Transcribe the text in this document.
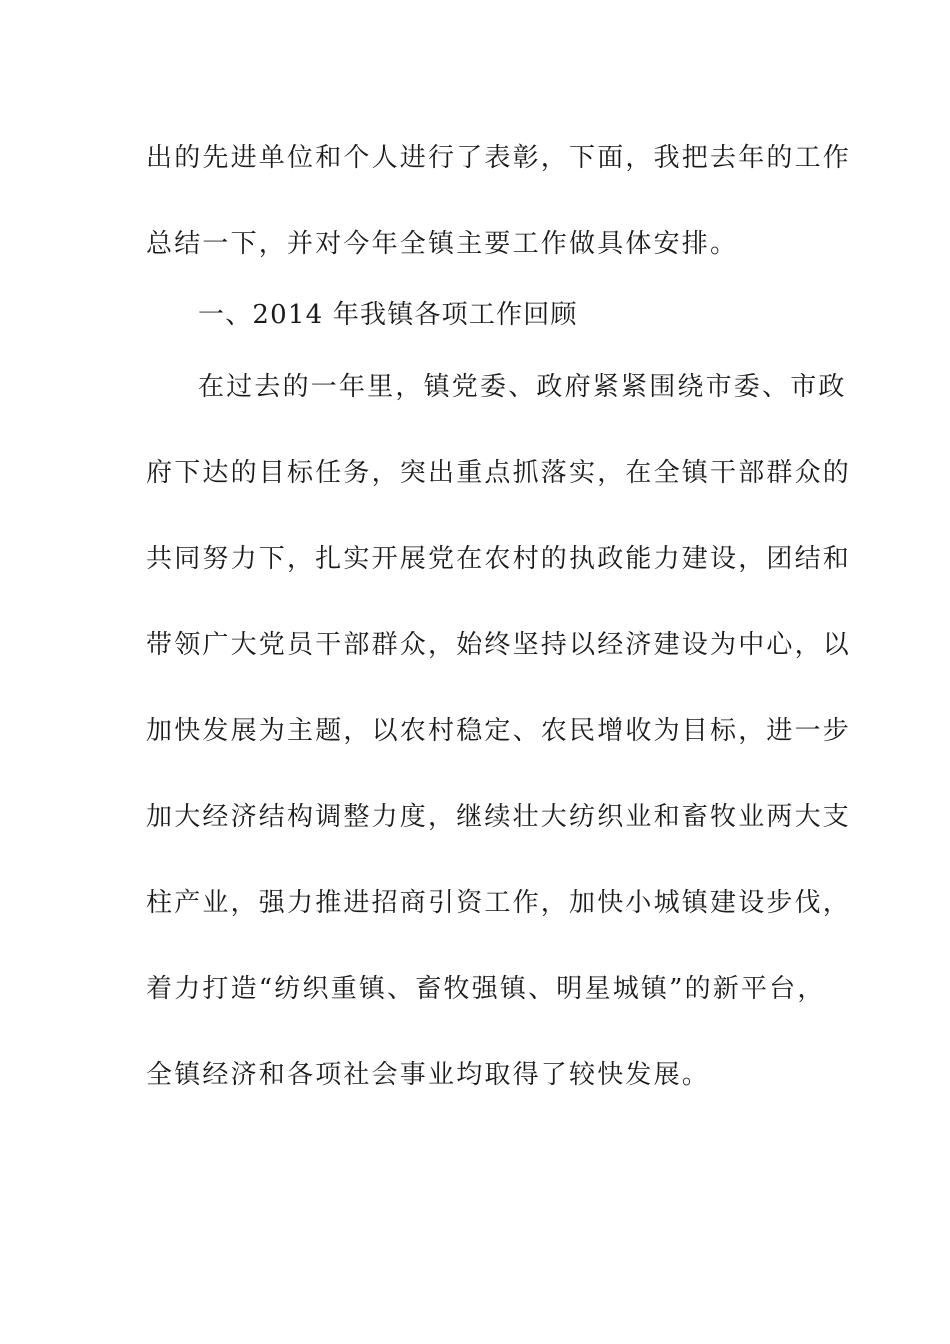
出的先进单位和个人进行了表彰，下面，我把去年的工作
总结一下，并对今年全镇主要工作做具体安排。
一、2014 年我镇各项工作回顾
在过去的一年里，镇党委、政府紧紧围绕市委、市政
府下达的目标任务，突出重点抓落实，在全镇干部群众的
共同努力下，扎实开展党在农村的执政能力建设，团结和
带领广大党员干部群众，始终坚持以经济建设为中心，以
加快发展为主题，以农村稳定、农民增收为目标，进一步
加大经济结构调整力度，继续壮大纺织业和畜牧业两大支
柱产业，强力推进招商引资工作，加快小城镇建设步伐，
着力打造“纺织重镇、畜牧强镇、明星城镇”的新平台，
全镇经济和各项社会事业均取得了较快发展。
